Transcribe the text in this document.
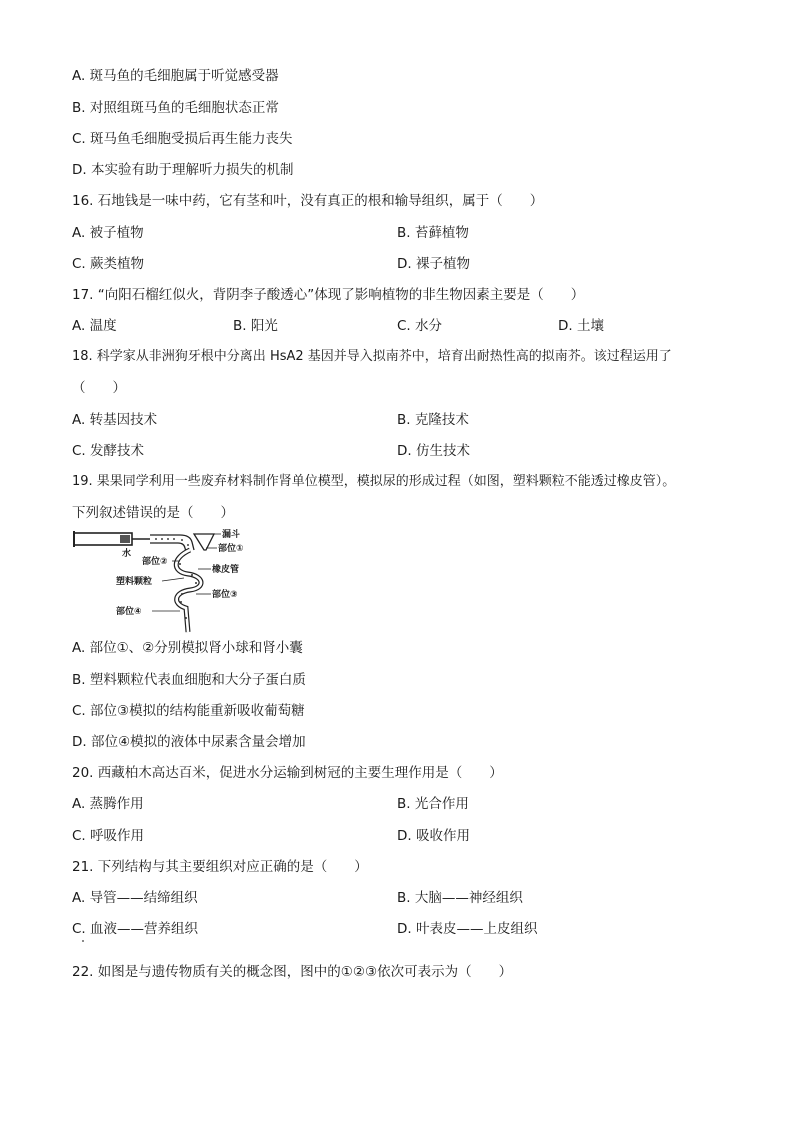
A. 斑马鱼的毛细胞属于听觉感受器
B. 对照组斑马鱼的毛细胞状态正常
C. 斑马鱼毛细胞受损后再生能力丧失
D. 本实验有助于理解听力损失的机制
16. 石地钱是一味中药，它有茎和叶，没有真正的根和输导组织，属于（　　）
A. 被子植物	B. 苔藓植物
C. 蕨类植物	D. 裸子植物
17. “向阳石榴红似火，背阴李子酸透心”体现了影响植物的非生物因素主要是（　　）
A. 温度	B. 阳光	C. 水分	D. 土壤
18. 科学家从非洲狗牙根中分离出 HsA2 基因并导入拟南芥中，培育出耐热性高的拟南芥。该过程运用了
（　　）
A. 转基因技术	B. 克隆技术
C. 发酵技术	D. 仿生技术
19. 果果同学利用一些废弃材料制作肾单位模型，模拟尿的形成过程（如图，塑料颗粒不能透过橡皮管）。
下列叙述错误的是（　　）
水
漏斗
部位①
部位②
橡皮管
塑料颗粒
部位③
部位④
A. 部位①、②分别模拟肾小球和肾小囊
B. 塑料颗粒代表血细胞和大分子蛋白质
C. 部位③模拟的结构能重新吸收葡萄糖
D. 部位④模拟的液体中尿素含量会增加
20. 西藏柏木高达百米，促进水分运输到树冠的主要生理作用是（　　）
A. 蒸腾作用	B. 光合作用
C. 呼吸作用	D. 吸收作用
21. 下列结构与其主要组织对应正确的是（　　）
A. 导管——结缔组织	B. 大脑——神经组织
C. 血液——营养组织	D. 叶表皮——上皮组织
22. 如图是与遗传物质有关的概念图，图中的①②③依次可表示为（　　）
